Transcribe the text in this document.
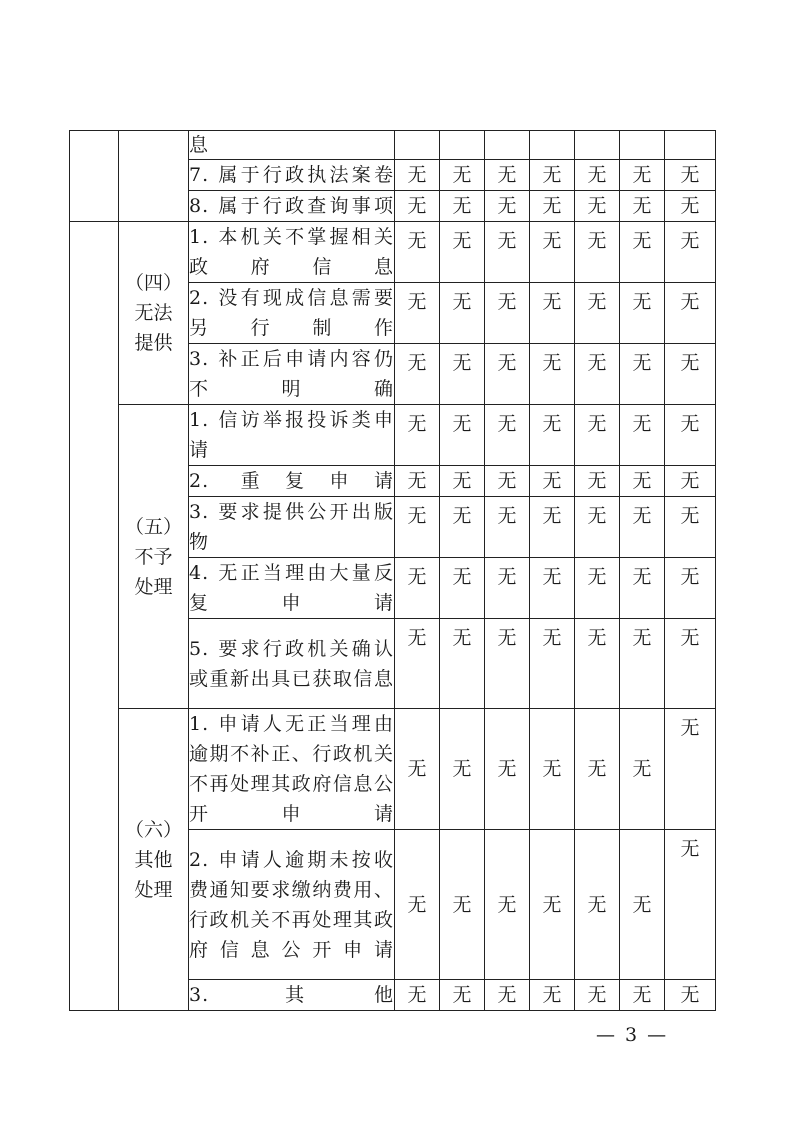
		息							
		7. 属于行政执法案卷	无	无	无	无	无	无	无
		8. 属于行政查询事项	无	无	无	无	无	无	无

	（四）
无法
提供	1. 本机关不掌握相关政府信息	无	无	无	无	无	无	无
		2. 没有现成信息需要另行制作	无	无	无	无	无	无	无
		3. 补正后申请内容仍不明确	无	无	无	无	无	无	无

	（五）
不予
处理	1. 信访举报投诉类申请	无	无	无	无	无	无	无
		2. 重复申请	无	无	无	无	无	无	无
		3. 要求提供公开出版物	无	无	无	无	无	无	无
		4. 无正当理由大量反复申请	无	无	无	无	无	无	无
		5. 要求行政机关确认或重新出具已获取信息	无	无	无	无	无	无	无

	（六）
其他
处理	1. 申请人无正当理由逾期不补正、行政机关不再处理其政府信息公开申请	无	无	无	无	无	无	无
		2. 申请人逾期未按收费通知要求缴纳费用、行政机关不再处理其政府信息公开申请	无	无	无	无	无	无	无
		3. 其他	无	无	无	无	无	无	无
— 3 —
